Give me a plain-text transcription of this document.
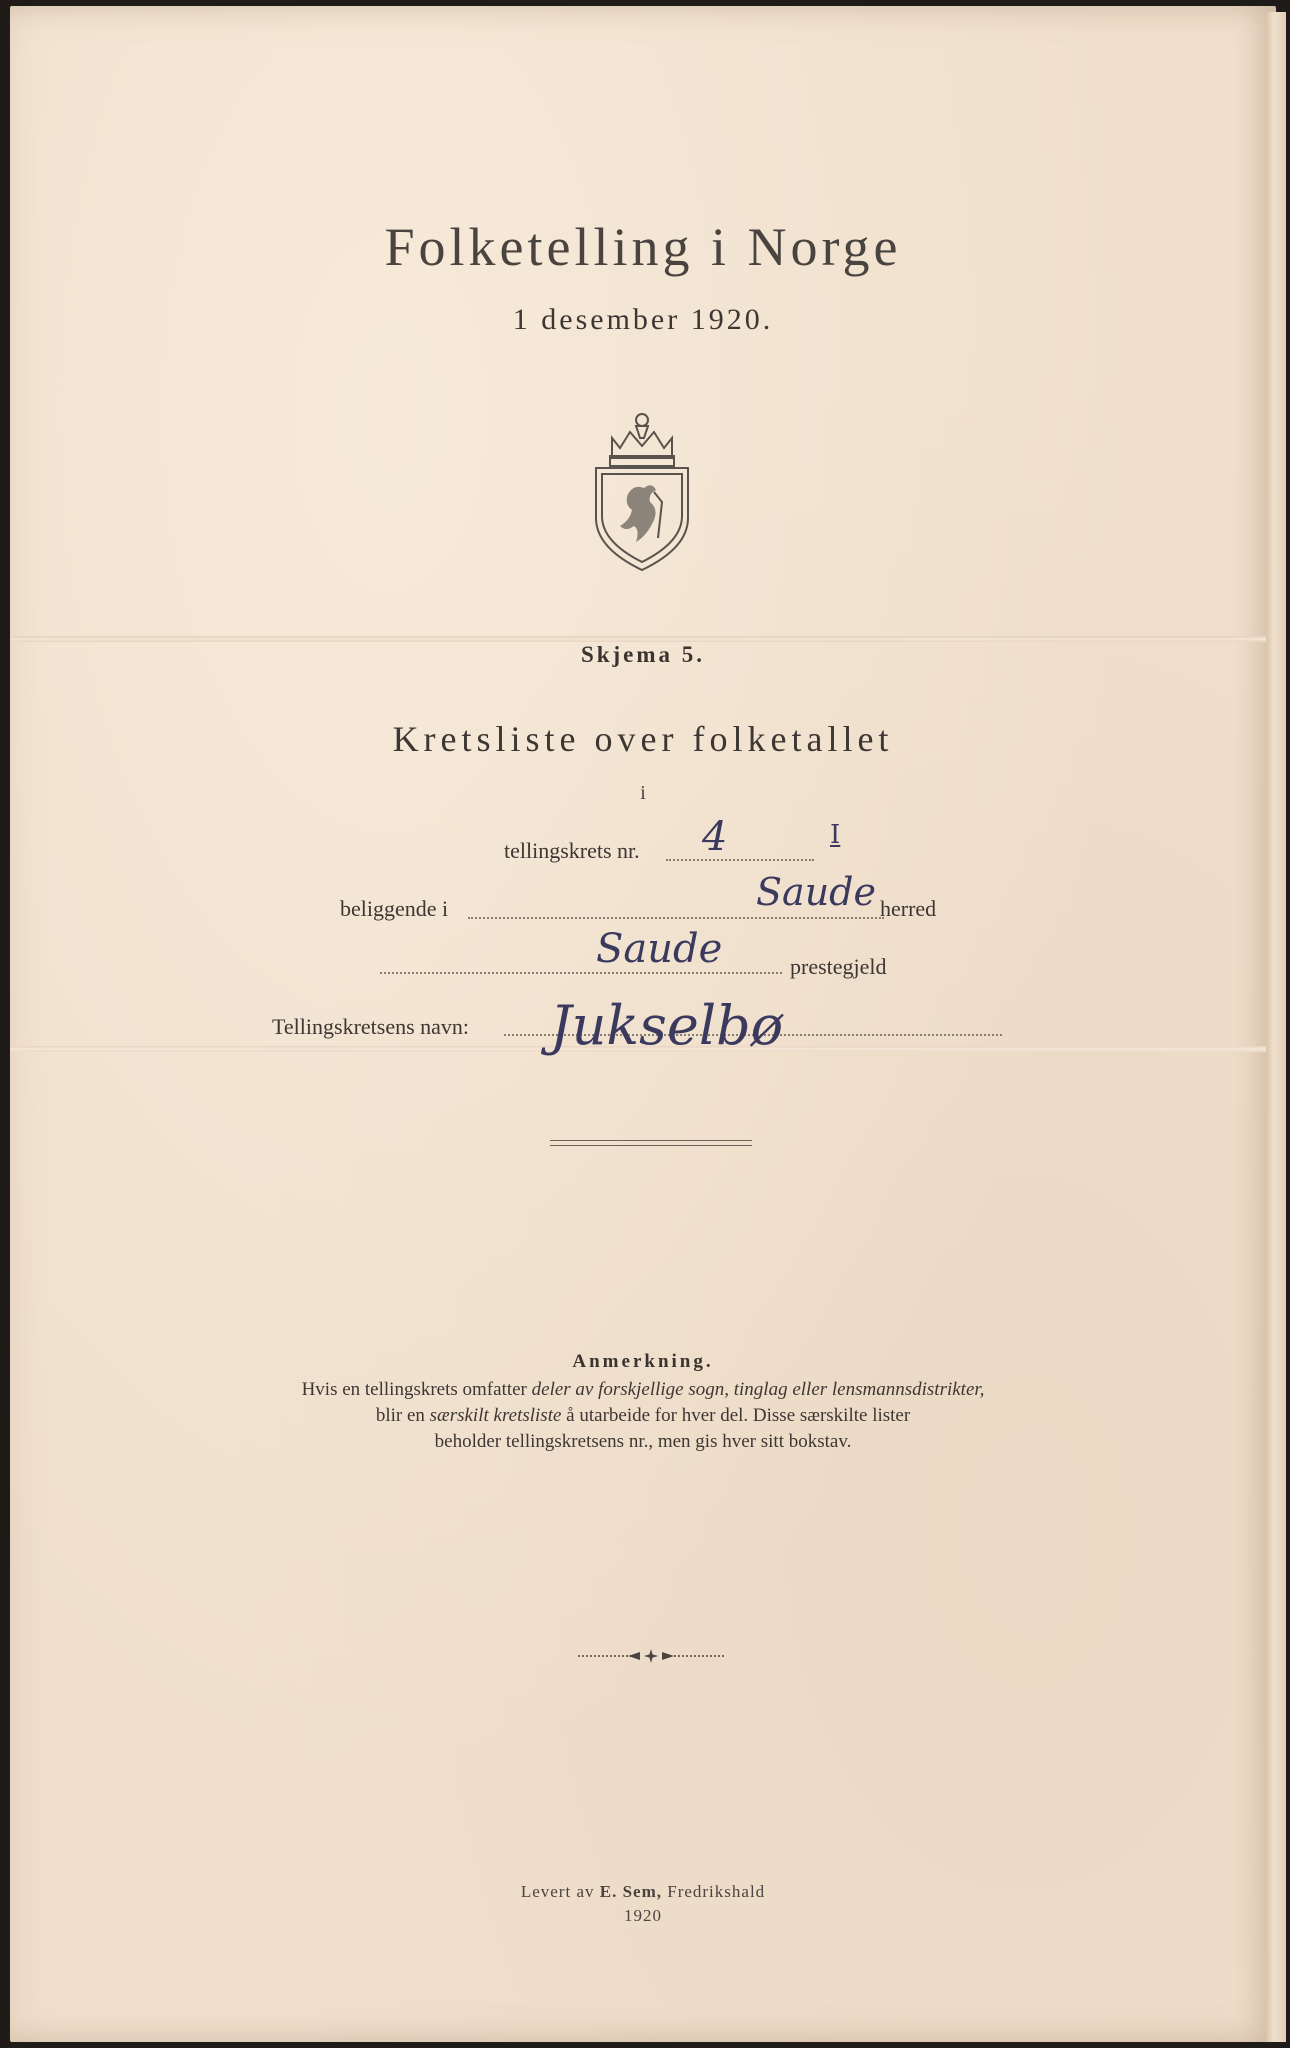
Folketelling i Norge
1 desember 1920.
Skjema 5.
Kretsliste over folketallet
i
tellingskrets nr. 4	I
beliggende i	Saude herred
Saude	prestegjeld
Tellingskretsens navn: Jukselbø
Anmerkning.
Hvis en tellingskrets omfatter deler av forskjellige sogn, tinglag eller lensmannsdistrikter,
blir en særskilt kretsliste å utarbeide for hver del. Disse særskilte lister
beholder tellingskretsens nr., men gis hver sitt bokstav.
Levert av E. Sem, Fredrikshald
1920
